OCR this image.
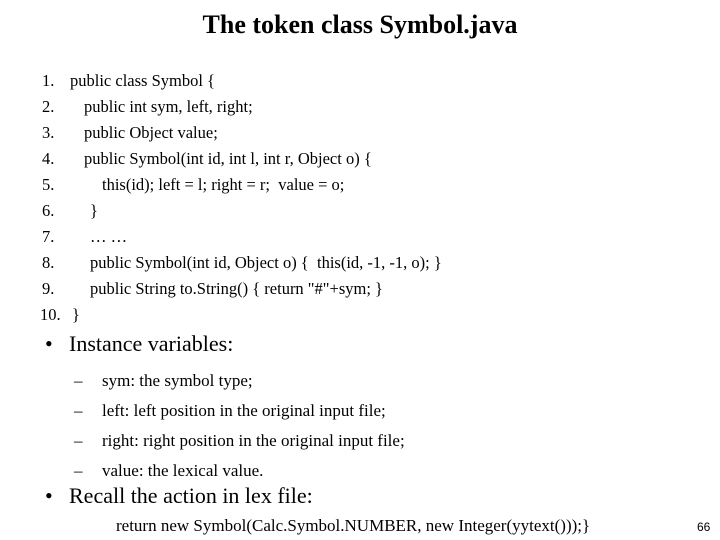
The token class Symbol.java
1. public class Symbol {
2. public int sym, left, right;
3. public Object value;
4. public Symbol(int id, int l, int r, Object o) {
5.	this(id); left = l; right = r;  value = o;
6. }
7. … …
8. public Symbol(int id, Object o) {  this(id, -1, -1, o); }
9. public String to.String() { return "#"+sym; }
10. }
• Instance variables:
– sym: the symbol type;
– left: left position in the original input file;
– right: right position in the original input file;
– value: the lexical value.
• Recall the action in lex file:
return new Symbol(Calc.Symbol.NUMBER, new Integer(yytext()));}	66
